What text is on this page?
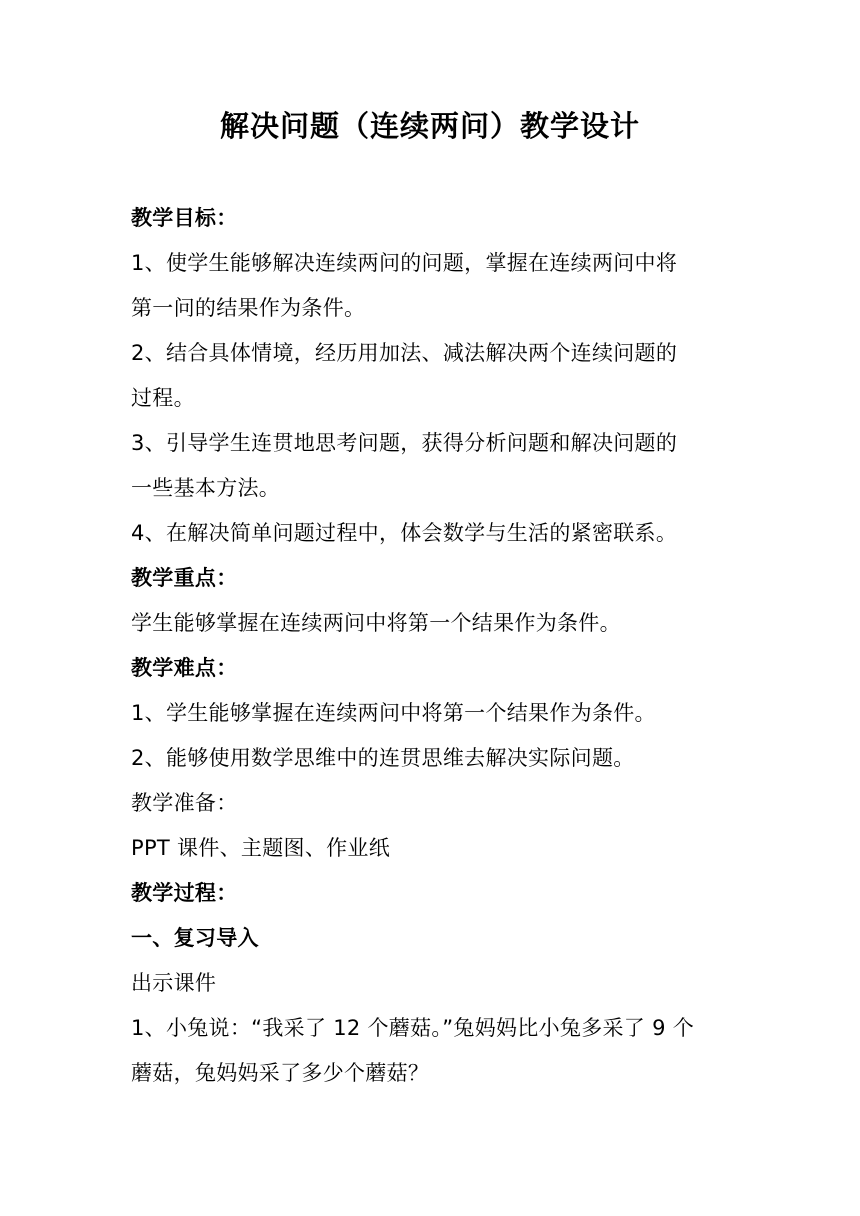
解决问题（连续两问）教学设计
教学目标：
1、使学生能够解决连续两问的问题，掌握在连续两问中将
第一问的结果作为条件。
2、结合具体情境，经历用加法、减法解决两个连续问题的
过程。
3、引导学生连贯地思考问题，获得分析问题和解决问题的
一些基本方法。
4、在解决简单问题过程中，体会数学与生活的紧密联系。
教学重点：
学生能够掌握在连续两问中将第一个结果作为条件。
教学难点：
1、学生能够掌握在连续两问中将第一个结果作为条件。
2、能够使用数学思维中的连贯思维去解决实际问题。
教学准备：
PPT 课件、主题图、作业纸
教学过程：
一、复习导入
出示课件
1、小兔说：“我采了 12 个蘑菇。”兔妈妈比小兔多采了 9 个
蘑菇，兔妈妈采了多少个蘑菇？
